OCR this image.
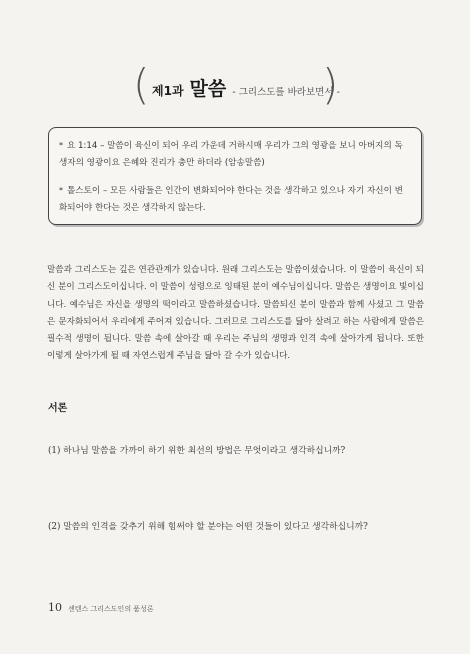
( 제1과 말씀 - 그리스도를 바라보면서 -
)
* 요 1:14 – 말씀이 육신이 되어 우리 가운데 거하시매 우리가 그의 영광을 보니 아버지의 독생자의 영광이요 은혜와 진리가 충만 하더라 (암송말씀)
* 톨스토이 – 모든 사람들은 인간이 변화되어야 한다는 것을 생각하고 있으나 자기 자신이 변화되어야 한다는 것은 생각하지 않는다.
말씀과 그리스도는 깊은 연관관계가 있습니다. 원래 그리스도는 말씀이셨습니다. 이 말씀이 육신이 되신 분이 그리스도이십니다. 이 말씀이 성령으로 잉태된 분이 예수님이십니다. 말씀은 생명이요 빛이십니다. 예수님은 자신을 생명의 떡이라고 말씀하셨습니다. 말씀되신 분이 말씀과 함께 사셨고 그 말씀은 문자화되어서 우리에게 주어져 있습니다. 그러므로 그리스도를 닮아 살려고 하는 사람에게 말씀은 필수적 생명이 됩니다. 말씀 속에 살아갈 때 우리는 주님의 생명과 인격 속에 살아가게 됩니다. 또한 이렇게 살아가게 될 때 자연스럽게 주님을 닮아 갈 수가 있습니다.
서론
(1) 하나님 말씀을 가까이 하기 위한 최선의 방법은 무엇이라고 생각하십니까?
(2) 말씀의 인격을 갖추기 위해 힘써야 할 분야는 어떤 것들이 있다고 생각하십니까?
10 센텐스 그리스도인의 품성론
